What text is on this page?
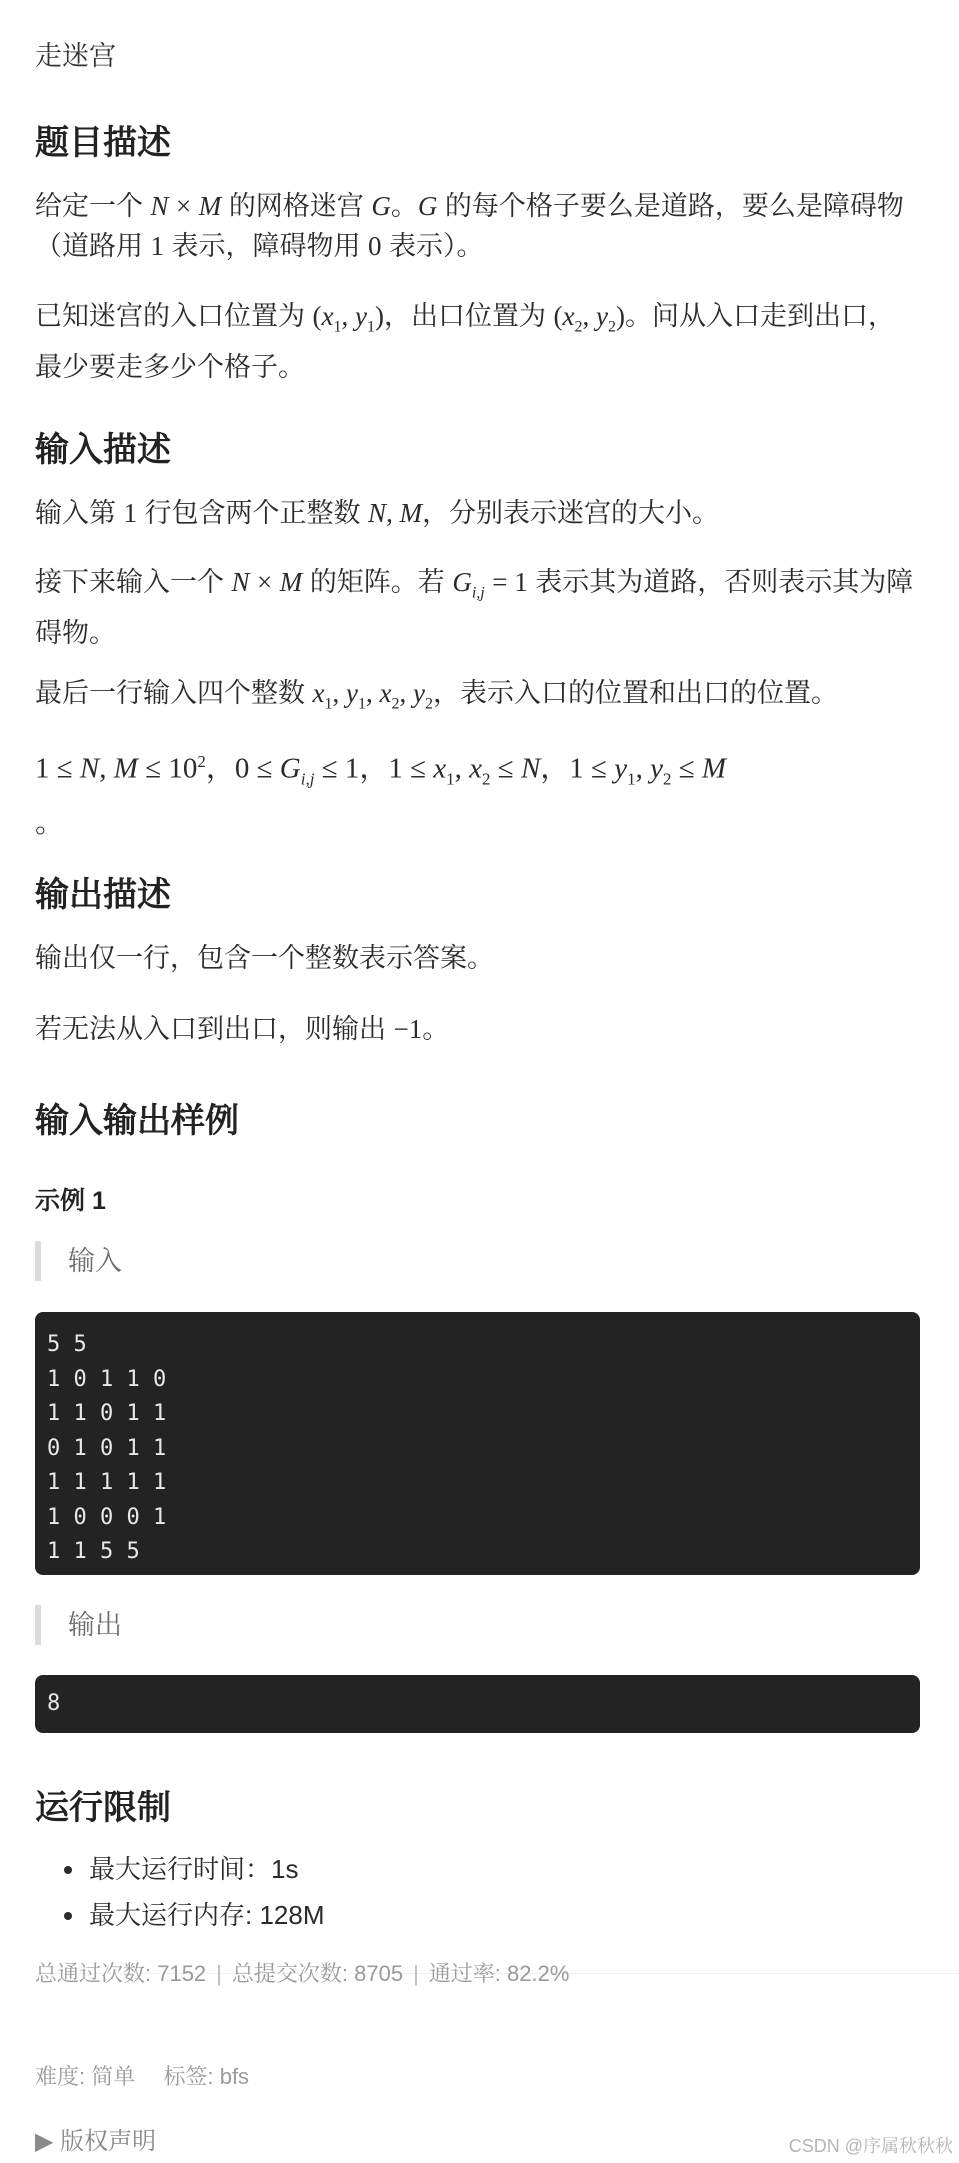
走迷宫
题目描述

给定一个 N × M 的网格迷宫 G。G 的每个格子要么是道路，要么是障碍物（道路用 1 表示，障碍物用 0 表示）。

已知迷宫的入口位置为 ($x_1$, $y_1$)，出口位置为 ($x_2$, $y_2$)。问从入口走到出口，最少要走多少个格子。

输入描述

输入第 1 行包含两个正整数 N, M，分别表示迷宫的大小。

接下来输入一个 N × M 的矩阵。若 $G_{i,j} = 1$ 表示其为道路，否则表示其为障碍物。

最后一行输入四个整数 $x_1$, $y_1$, $x_2$, $y_2$，表示入口的位置和出口的位置。

1 ≤ N, $M \le 10^2$，$0 \le G_{i,j} \le 1$，$1 \le x_1$, $x_2 \le N$，$1 \le y_1$, $y_2 \le M$
。

输出描述

输出仅一行，包含一个整数表示答案。

若无法从入口到出口，则输出 −1。

输入输出样例
示例 1
输入
5 5
1 0 1 1 0
1 1 0 1 1
0 1 0 1 1
1 1 1 1 1
1 0 0 0 1
1 1 5 5
输出
8
运行限制
• 最大运行时间：1s
• 最大运行内存: 128M
总通过次数: 7152 | 总提交次数: 8705 | 通过率: 82.2%
难度: 简单 标签: bfs
▶ 版权声明	CSDN @序属秋秋秋
